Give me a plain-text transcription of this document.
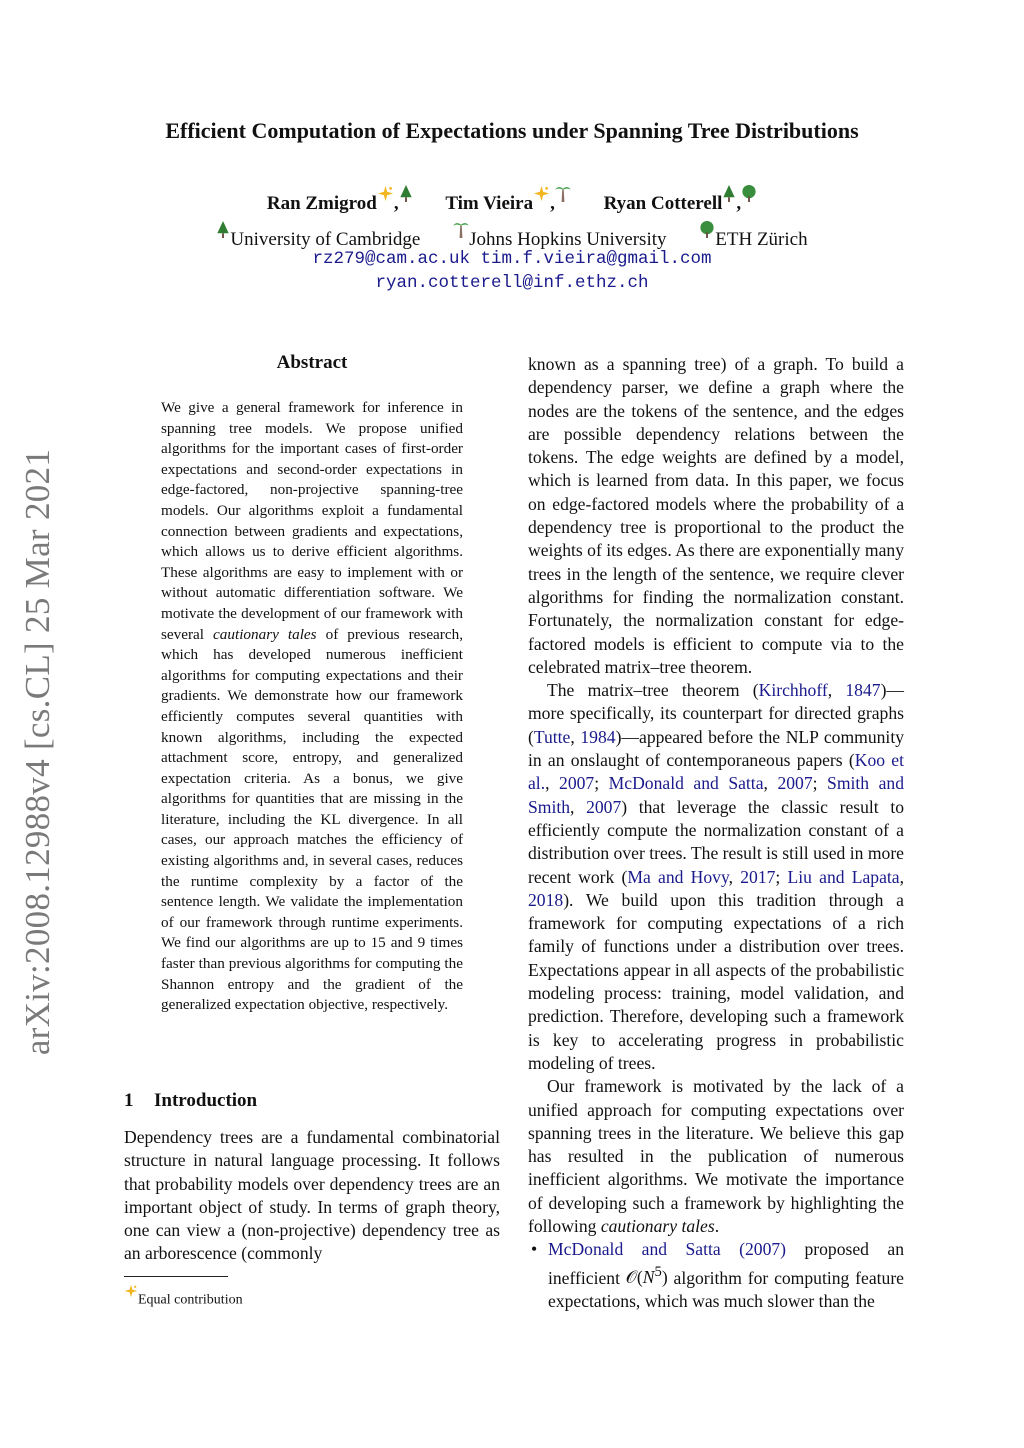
Efficient Computation of Expectations under Spanning Tree Distributions
Ran Zmigrod , Tim Vieira ,	Ryan Cotterell ,
University of Cambridge	Johns Hopkins University	ETH Zürich
rz279@cam.ac.uk tim.f.vieira@gmail.com
ryan.cotterell@inf.ethz.ch
arXiv:2008.12988v4 [cs.CL] 25 Mar 2021
Abstract

We give a general framework for inference in spanning tree models. We propose unified algorithms for the important cases of first-order expectations and second-order expectations in edge-factored, non-projective spanning-tree models. Our algorithms exploit a fundamental connection between gradients and expectations, which allows us to derive efficient algorithms. These algorithms are easy to implement with or without automatic differentiation software. We motivate the development of our framework with several cautionary tales of previous research, which has developed numerous inefficient algorithms for computing expectations and their gradients. We demonstrate how our framework efficiently computes several quantities with known algorithms, including the expected attachment score, entropy, and generalized expectation criteria. As a bonus, we give algorithms for quantities that are missing in the literature, including the KL divergence. In all cases, our approach matches the efficiency of existing algorithms and, in several cases, reduces the runtime complexity by a factor of the sentence length. We validate the implementation of our framework through runtime experiments. We find our algorithms are up to 15 and 9 times faster than previous algorithms for computing the Shannon entropy and the gradient of the generalized expectation objective, respectively.

1 Introduction

Dependency trees are a fundamental combinatorial structure in natural language processing. It follows that probability models over dependency trees are an important object of study. In terms of graph theory, one can view a (non-projective) dependency tree as an arborescence (commonly

Equal contribution

known as a spanning tree) of a graph. To build a dependency parser, we define a graph where the nodes are the tokens of the sentence, and the edges are possible dependency relations between the tokens. The edge weights are defined by a model, which is learned from data. In this paper, we focus on edge-factored models where the probability of a dependency tree is proportional to the product the weights of its edges. As there are exponentially many trees in the length of the sentence, we require clever algorithms for finding the normalization constant. Fortunately, the normalization constant for edge-factored models is efficient to compute via to the celebrated matrix–tree theorem.

The matrix–tree theorem (Kirchhoff, 1847)—more specifically, its counterpart for directed graphs (Tutte, 1984)—appeared before the NLP community in an onslaught of contemporaneous papers (Koo et al., 2007; McDonald and Satta, 2007; Smith and Smith, 2007) that leverage the classic result to efficiently compute the normalization constant of a distribution over trees. The result is still used in more recent work (Ma and Hovy, 2017; Liu and Lapata, 2018). We build upon this tradition through a framework for computing expectations of a rich family of functions under a distribution over trees. Expectations appear in all aspects of the probabilistic modeling process: training, model validation, and prediction. Therefore, developing such a framework is key to accelerating progress in probabilistic modeling of trees.

Our framework is motivated by the lack of a unified approach for computing expectations over spanning trees in the literature. We believe this gap has resulted in the publication of numerous inefficient algorithms. We motivate the importance of developing such a framework by highlighting the following cautionary tales.

• McDonald and Satta (2007) proposed an inefficient $𝒪(N^5)$ algorithm for computing feature expectations, which was much slower than the
